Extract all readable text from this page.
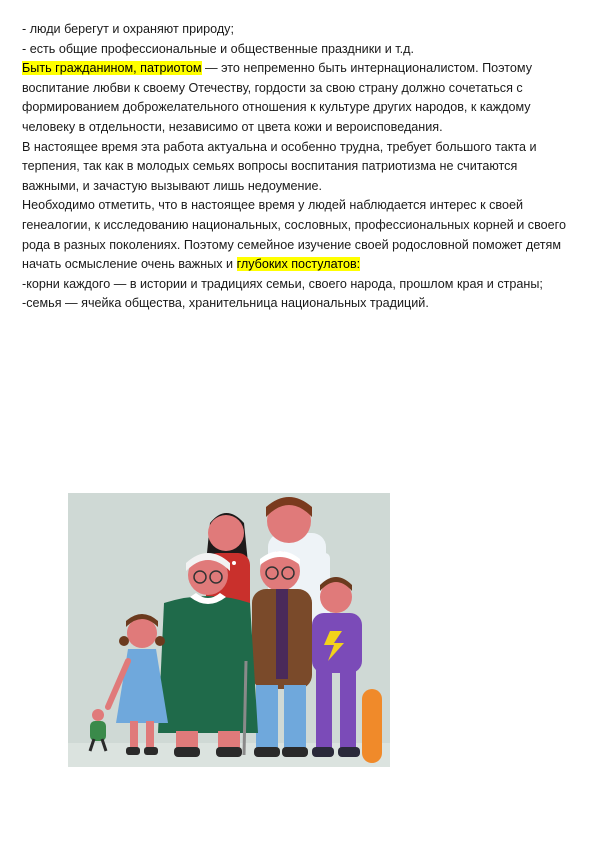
- люди берегут и охраняют природу;

- есть общие профессиональные и общественные праздники и т.д.

Быть гражданином, патриотом — это непременно быть интернационалистом. Поэтому воспитание любви к своему Отечеству, гордости за свою страну должно сочетаться с формированием доброжелательного отношения к культуре других народов, к каждому человеку в отдельности, независимо от цвета кожи и вероисповедания.

В настоящее время эта работа актуальна и особенно трудна, требует большого такта и терпения, так как в молодых семьях вопросы воспитания патриотизма не считаются важными, и зачастую вызывают лишь недоумение.

Необходимо отметить, что в настоящее время у людей наблюдается интерес к своей генеалогии, к исследованию национальных, сословных, профессиональных корней и своего рода в разных поколениях. Поэтому семейное изучение своей родословной поможет детям начать осмысление очень важных и глубоких постулатов:

-корни каждого — в истории и традициях семьи, своего народа, прошлом края и страны;

-семья — ячейка общества, хранительница национальных традиций.
